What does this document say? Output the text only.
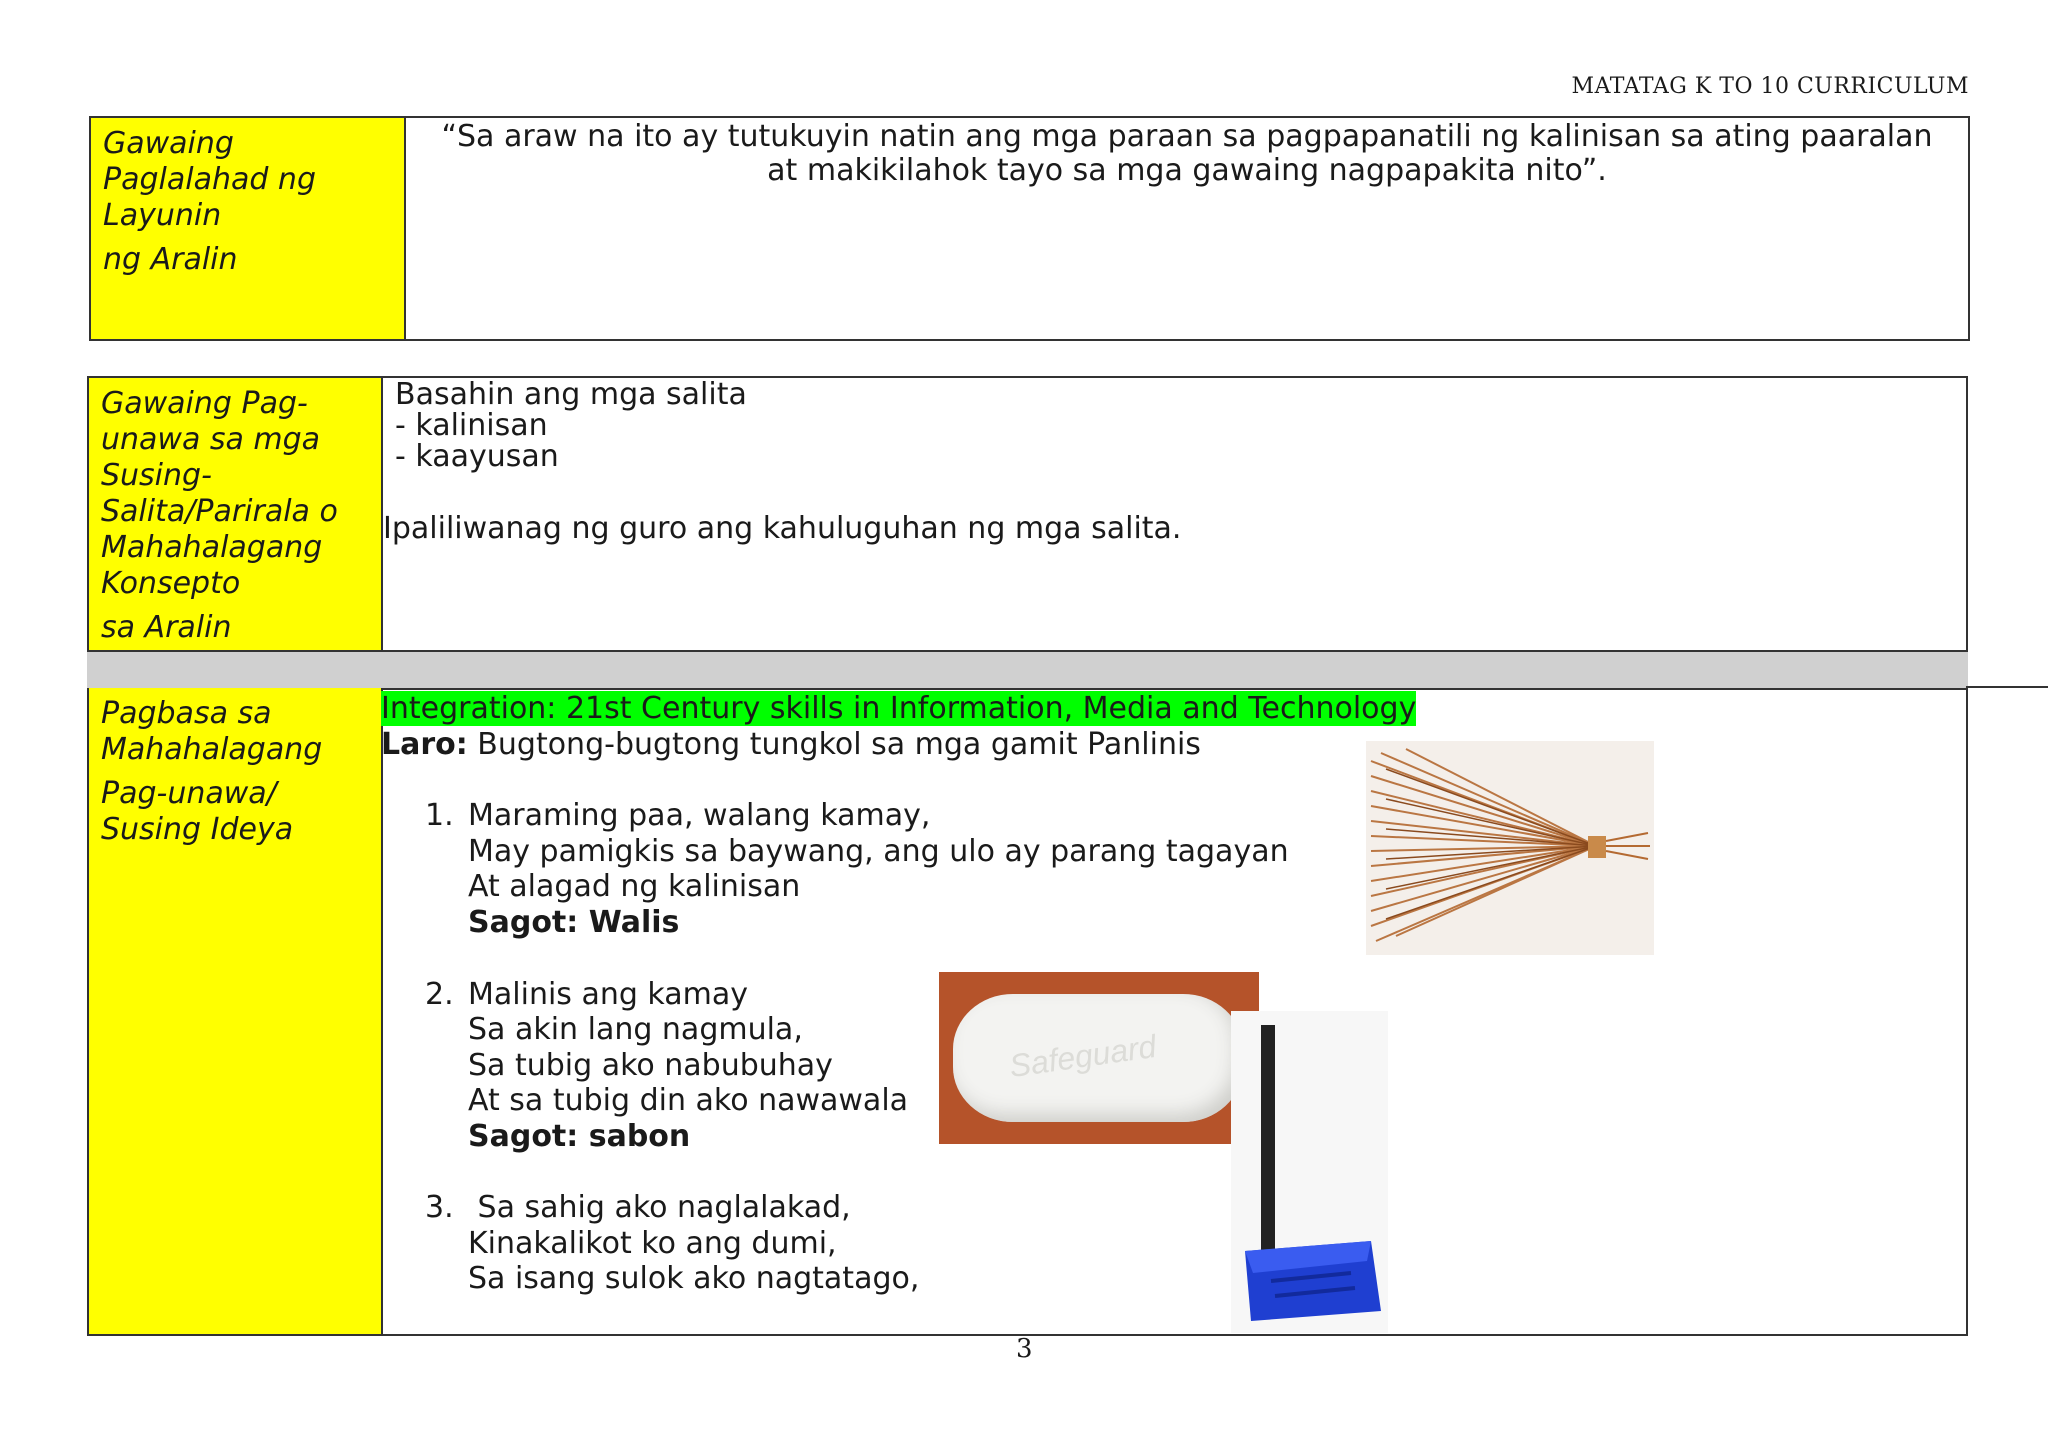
MATATAG K TO 10 CURRICULUM

Gawaing

Paglalahad ng

Layunin

ng Aralin

“Sa araw na ito ay tutukuyin natin ang mga paraan sa pagpapanatili ng kalinisan sa ating paaralan at makikilahok tayo sa mga gawaing nagpapakita nito”.

Gawaing Pag-

unawa sa mga

Susing-

Salita/Parirala o

Mahahalagang

Konsepto

sa Aralin

Basahin ang mga salita
- kalinisan
- kaayusan
Ipaliliwanag ng guro ang kahuluguhan ng mga salita.

Pagbasa sa

Mahahalagang

Pag-unawa/

Susing Ideya

Integration: 21st Century skills in Information, Media and Technology
Laro: Bugtong-bugtong tungkol sa mga gamit Panlinis
1. Maraming paa, walang kamay,
May pamigkis sa baywang, ang ulo ay parang tagayan
At alagad ng kalinisan
Sagot: Walis
2. Malinis ang kamay
Sa akin lang nagmula,
Sa tubig ako nabubuhay
At sa tubig din ako nawawala
Sagot: sabon
3. Sa sahig ako naglalakad,
Kinakalikot ko ang dumi,
Sa isang sulok ako nagtatago,
Safeguard
3
